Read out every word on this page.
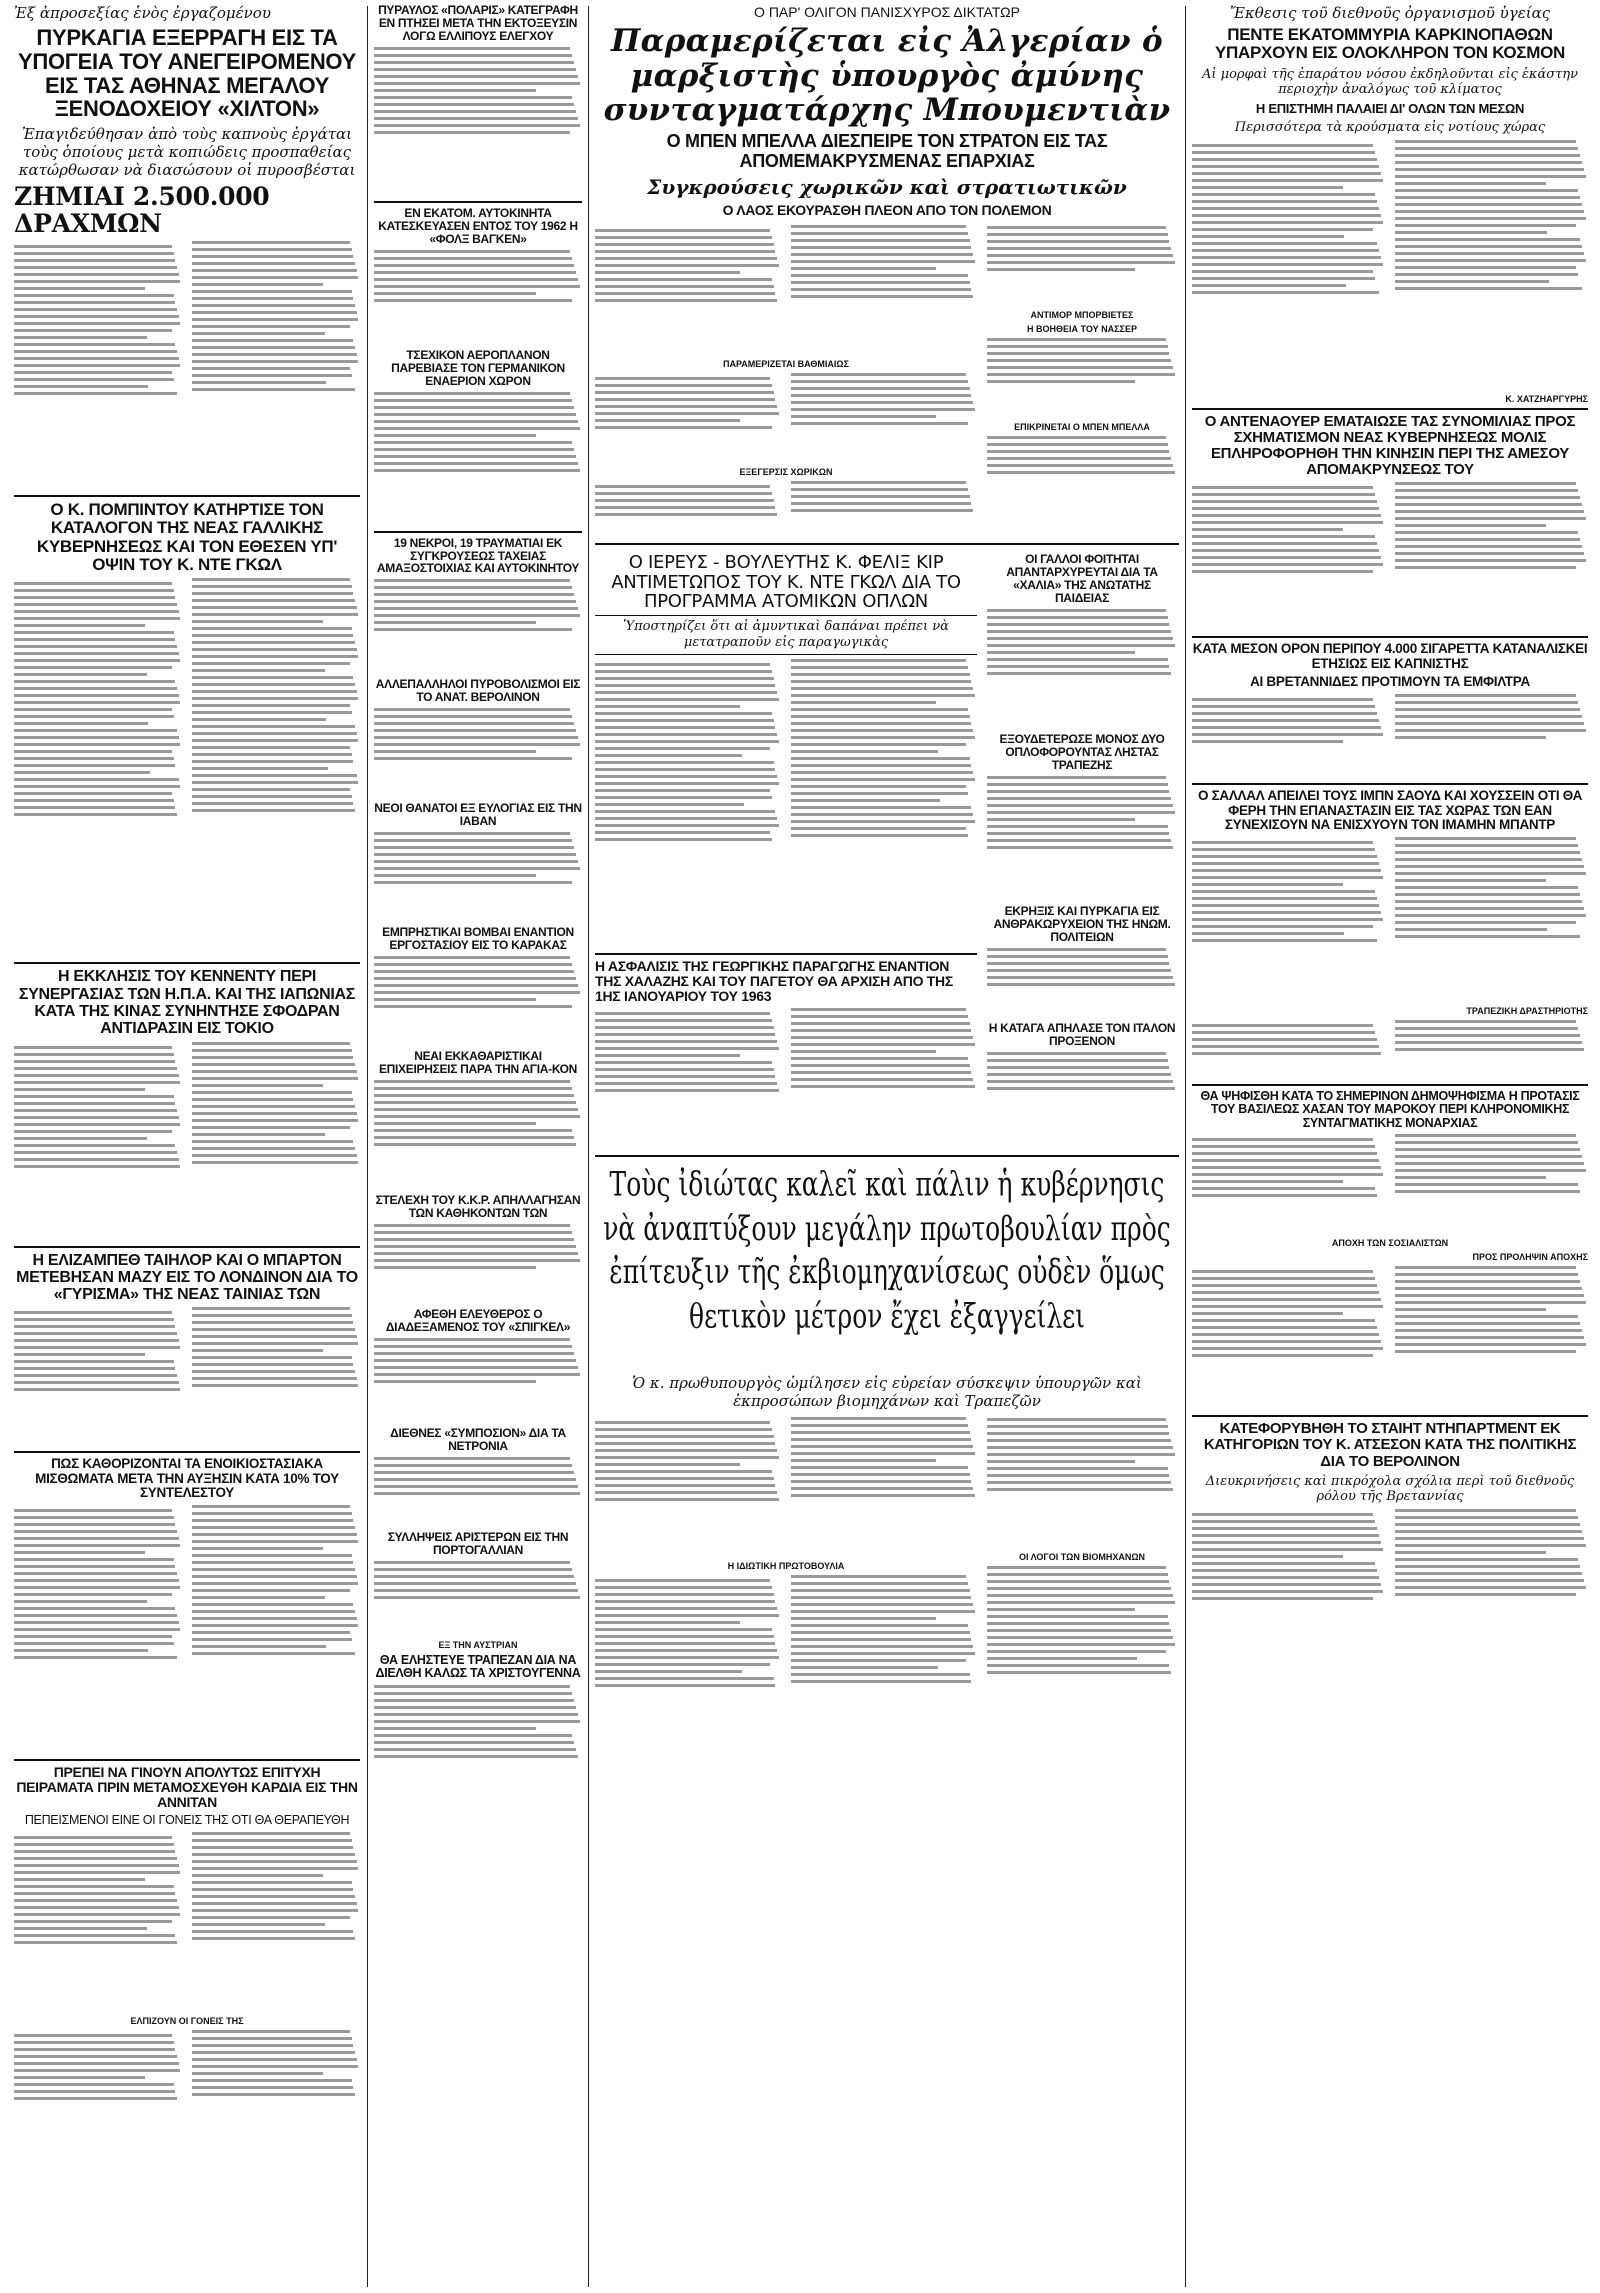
Ἐξ ἀπροσεξίας ἑνὸς ἐργαζομένου
ΠΥΡΚΑΓΙΑ ΕΞΕΡΡΑΓΗ ΕΙΣ ΤΑ ΥΠΟΓΕΙΑ ΤΟΥ ΑΝΕΓΕΙΡΟΜΕΝΟΥ ΕΙΣ ΤΑΣ ΑΘΗΝΑΣ ΜΕΓΑΛΟΥ ΞΕΝΟΔΟΧΕΙΟΥ «ΧΙΛΤΟΝ»
Ἐπαγιδεύθησαν ἀπὸ τοὺς καπνοὺς ἐργάται τοὺς ὁποίους μετὰ κοπιώδεις προσπαθείας κατώρθωσαν νὰ διασώσουν οἱ πυροσβέσται
ΖΗΜΙΑΙ 2.500.000 ΔΡΑΧΜΩΝ
Ο Κ. ΠΟΜΠΙΝΤΟΥ ΚΑΤΗΡΤΙΣΕ ΤΟΝ ΚΑΤΑΛΟΓΟΝ ΤΗΣ ΝΕΑΣ ΓΑΛΛΙΚΗΣ ΚΥΒΕΡΝΗΣΕΩΣ ΚΑΙ ΤΟΝ ΕΘΕΣΕΝ ΥΠ' ΟΨΙΝ ΤΟΥ Κ. ΝΤΕ ΓΚΩΛ
Η ΕΚΚΛΗΣΙΣ ΤΟΥ ΚΕΝΝΕΝΤΥ ΠΕΡΙ ΣΥΝΕΡΓΑΣΙΑΣ ΤΩΝ Η.Π.Α. ΚΑΙ ΤΗΣ ΙΑΠΩΝΙΑΣ ΚΑΤΑ ΤΗΣ ΚΙΝΑΣ ΣΥΝΗΝΤΗΣΕ ΣΦΟΔΡΑΝ ΑΝΤΙΔΡΑΣΙΝ ΕΙΣ ΤΟΚΙΟ
Η ΕΛΙΖΑΜΠΕΘ ΤΑΙΗΛΟΡ ΚΑΙ Ο ΜΠΑΡΤΟΝ ΜΕΤΕΒΗΣΑΝ ΜΑΖΥ ΕΙΣ ΤΟ ΛΟΝΔΙΝΟΝ ΔΙΑ ΤΟ «ΓΥΡΙΣΜΑ» ΤΗΣ ΝΕΑΣ ΤΑΙΝΙΑΣ ΤΩΝ
ΠΩΣ ΚΑΘΟΡΙΖΟΝΤΑΙ ΤΑ ΕΝΟΙΚΙΟΣΤΑΣΙΑΚΑ ΜΙΣΘΩΜΑΤΑ ΜΕΤΑ ΤΗΝ ΑΥΞΗΣΙΝ ΚΑΤΑ 10% ΤΟΥ ΣΥΝΤΕΛΕΣΤΟΥ
ΠΡΕΠΕΙ ΝΑ ΓΙΝΟΥΝ ΑΠΟΛΥΤΩΣ ΕΠΙΤΥΧΗ ΠΕΙΡΑΜΑΤΑ ΠΡΙΝ ΜΕΤΑΜΟΣΧΕΥΘΗ ΚΑΡΔΙΑ ΕΙΣ ΤΗΝ ΑΝΝΙΤΑΝ
ΠΕΠΕΙΣΜΕΝΟΙ ΕΙΝΕ ΟΙ ΓΟΝΕΙΣ ΤΗΣ ΟΤΙ ΘΑ ΘΕΡΑΠΕΥΘΗ
ΕΛΠΙΖΟΥΝ ΟΙ ΓΟΝΕΙΣ ΤΗΣ
ΠΥΡΑΥΛΟΣ «ΠΟΛΑΡΙΣ» ΚΑΤΕΓΡΑΦΗ ΕΝ ΠΤΗΣΕΙ ΜΕΤΑ ΤΗΝ ΕΚΤΟΞΕΥΣΙΝ ΛΟΓΩ ΕΛΛΙΠΟΥΣ ΕΛΕΓΧΟΥ
ΕΝ ΕΚΑΤΟΜ. ΑΥΤΟΚΙΝΗΤΑ ΚΑΤΕΣΚΕΥΑΣΕΝ ΕΝΤΟΣ ΤΟΥ 1962 Η «ΦΟΛΞ ΒΑΓΚΕΝ»
ΤΣΕΧΙΚΟΝ ΑΕΡΟΠΛΑΝΟΝ ΠΑΡΕΒΙΑΣΕ ΤΟΝ ΓΕΡΜΑΝΙΚΟΝ ΕΝΑΕΡΙΟΝ ΧΩΡΟΝ
19 ΝΕΚΡΟΙ, 19 ΤΡΑΥΜΑΤΙΑΙ ΕΚ ΣΥΓΚΡΟΥΣΕΩΣ ΤΑΧΕΙΑΣ ΑΜΑΞΟΣΤΟΙΧΙΑΣ ΚΑΙ ΑΥΤΟΚΙΝΗΤΟΥ
ΑΛΛΕΠΑΛΛΗΛΟΙ ΠΥΡΟΒΟΛΙΣΜΟΙ ΕΙΣ ΤΟ ΑΝΑΤ. ΒΕΡΟΛΙΝΟΝ
ΝΕΟΙ ΘΑΝΑΤΟΙ ΕΞ ΕΥΛΟΓΙΑΣ ΕΙΣ ΤΗΝ ΙΑΒΑΝ
ΕΜΠΡΗΣΤΙΚΑΙ ΒΟΜΒΑΙ ΕΝΑΝΤΙΟΝ ΕΡΓΟΣΤΑΣΙΟΥ ΕΙΣ ΤΟ ΚΑΡΑΚΑΣ
ΝΕΑΙ ΕΚΚΑΘΑΡΙΣΤΙΚΑΙ ΕΠΙΧΕΙΡΗΣΕΙΣ ΠΑΡΑ ΤΗΝ ΑΓΙΑ-ΚΟΝ
ΣΤΕΛΕΧΗ ΤΟΥ Κ.Κ.Ρ. ΑΠΗΛΛΑΓΗΣΑΝ ΤΩΝ ΚΑΘΗΚΟΝΤΩΝ ΤΩΝ
ΑΦΕΘΗ ΕΛΕΥΘΕΡΟΣ Ο ΔΙΑΔΕΞΑΜΕΝΟΣ ΤΟΥ «ΣΠΙΓΚΕΛ»
ΔΙΕΘΝΕΣ «ΣΥΜΠΟΣΙΟΝ» ΔΙΑ ΤΑ ΝΕΤΡΟΝΙΑ
ΣΥΛΛΗΨΕΙΣ ΑΡΙΣΤΕΡΩΝ ΕΙΣ ΤΗΝ ΠΟΡΤΟΓΑΛΛΙΑΝ
ΕΞ ΤΗΝ ΑΥΣΤΡΙΑΝ
ΘΑ ΕΛΗΣΤΕΥΕ ΤΡΑΠΕΖΑΝ ΔΙΑ ΝΑ ΔΙΕΛΘΗ ΚΑΛΩΣ ΤΑ ΧΡΙΣΤΟΥΓΕΝΝΑ
Ο ΠΑΡ' ΟΛΙΓΟΝ ΠΑΝΙΣΧΥΡΟΣ ΔΙΚΤΑΤΩΡ
Παραμερίζεται εἰς Ἀλγερίαν ὁ μαρξιστὴς ὑπουργὸς ἀμύνης συνταγματάρχης Μπουμεντιὰν
Ο ΜΠΕΝ ΜΠΕΛΛΑ ΔΙΕΣΠΕΙΡΕ ΤΟΝ ΣΤΡΑΤΟΝ ΕΙΣ ΤΑΣ ΑΠΟΜΕΜΑΚΡΥΣΜΕΝΑΣ ΕΠΑΡΧΙΑΣ
Συγκρούσεις χωρικῶν καὶ στρατιωτικῶν
Ο ΛΑΟΣ ΕΚΟΥΡΑΣΘΗ ΠΛΕΟΝ ΑΠΟ ΤΟΝ ΠΟΛΕΜΟΝ
ΠΑΡΑΜΕΡΙΖΕΤΑΙ ΒΑΘΜΙΑΙΩΣ
ΕΞΕΓΕΡΣΙΣ ΧΩΡΙΚΩΝ
ΑΝΤΙΜΟΡ ΜΠΟΡΒΙΕΤΕΣ
Η ΒΟΗΘΕΙΑ ΤΟΥ ΝΑΣΣΕΡ
ΕΠΙΚΡΙΝΕΤΑΙ Ο ΜΠΕΝ ΜΠΕΛΛΑ
Ο ΙΕΡΕΥΣ - ΒΟΥΛΕΥΤΗΣ Κ. ΦΕΛΙΞ ΚΙΡ ΑΝΤΙΜΕΤΩΠΟΣ ΤΟΥ Κ. ΝΤΕ ΓΚΩΛ ΔΙΑ ΤΟ ΠΡΟΓΡΑΜΜΑ ΑΤΟΜΙΚΩΝ ΟΠΛΩΝ
Ὑποστηρίζει ὅτι αἱ ἀμυντικαὶ δαπάναι πρέπει νὰ μετατραποῦν εἰς παραγωγικὰς
Η ΑΣΦΑΛΙΣΙΣ ΤΗΣ ΓΕΩΡΓΙΚΗΣ ΠΑΡΑΓΩΓΗΣ ΕΝΑΝΤΙΟΝ ΤΗΣ ΧΑΛΑΖΗΣ ΚΑΙ ΤΟΥ ΠΑΓΕΤΟΥ ΘΑ ΑΡΧΙΣΗ ΑΠΟ ΤΗΣ 1ΗΣ ΙΑΝΟΥΑΡΙΟΥ ΤΟΥ 1963
ΟΙ ΓΑΛΛΟΙ ΦΟΙΤΗΤΑΙ ΑΠΑΝΤΑΡΧΥΡΕΥΤΑΙ ΔΙΑ ΤΑ «ΧΑΛΙΑ» ΤΗΣ ΑΝΩΤΑΤΗΣ ΠΑΙΔΕΙΑΣ
ΕΞΟΥΔΕΤΕΡΩΣΕ ΜΟΝΟΣ ΔΥΟ ΟΠΛΟΦΟΡΟΥΝΤΑΣ ΛΗΣΤΑΣ ΤΡΑΠΕΖΗΣ
ΕΚΡΗΞΙΣ ΚΑΙ ΠΥΡΚΑΓΙΑ ΕΙΣ ΑΝΘΡΑΚΩΡΥΧΕΙΟΝ ΤΗΣ ΗΝΩΜ. ΠΟΛΙΤΕΙΩΝ
Η ΚΑΤΑΓΑ ΑΠΗΛΑΣΕ ΤΟΝ ΙΤΑΛΟΝ ΠΡΟΞΕΝΟΝ
Τοὺς ἰδιώτας καλεῖ καὶ πάλιν ἡ κυβέρνησις νὰ ἀναπτύξουν μεγάλην πρωτοβουλίαν πρὸς ἐπίτευξιν τῆς ἐκβιομηχανίσεως οὐδὲν ὅμως θετικὸν μέτρον ἔχει ἐξαγγείλει
Ὁ κ. πρωθυπουργὸς ὡμίλησεν εἰς εὐρείαν σύσκεψιν ὑπουργῶν καὶ ἐκπροσώπων βιομηχάνων καὶ Τραπεζῶν
Η ΙΔΙΩΤΙΚΗ ΠΡΩΤΟΒΟΥΛΙΑ
ΟΙ ΛΟΓΟΙ ΤΩΝ ΒΙΟΜΗΧΑΝΩΝ
Ἔκθεσις τοῦ διεθνοῦς ὀργανισμοῦ ὑγείας
ΠΕΝΤΕ ΕΚΑΤΟΜΜΥΡΙΑ ΚΑΡΚΙΝΟΠΑΘΩΝ ΥΠΑΡΧΟΥΝ ΕΙΣ ΟΛΟΚΛΗΡΟΝ ΤΟΝ ΚΟΣΜΟΝ
Αἱ μορφαὶ τῆς ἐπαράτου νόσου ἐκδηλοῦνται εἰς ἑκάστην περιοχὴν ἀναλόγως τοῦ κλίματος
Η ΕΠΙΣΤΗΜΗ ΠΑΛΑΙΕΙ ΔΙ' ΟΛΩΝ ΤΩΝ ΜΕΣΩΝ
Περισσότερα τὰ κρούσματα εἰς νοτίους χώρας
Κ. ΧΑΤΖΗΑΡΓΥΡΗΣ
Ο ΑΝΤΕΝΑΟΥΕΡ ΕΜΑΤΑΙΩΣΕ ΤΑΣ ΣΥΝΟΜΙΛΙΑΣ ΠΡΟΣ ΣΧΗΜΑΤΙΣΜΟΝ ΝΕΑΣ ΚΥΒΕΡΝΗΣΕΩΣ ΜΟΛΙΣ ΕΠΛΗΡΟΦΟΡΗΘΗ ΤΗΝ ΚΙΝΗΣΙΝ ΠΕΡΙ ΤΗΣ ΑΜΕΣΟΥ ΑΠΟΜΑΚΡΥΝΣΕΩΣ ΤΟΥ
ΚΑΤΑ ΜΕΣΟΝ ΟΡΟΝ ΠΕΡΙΠΟΥ 4.000 ΣΙΓΑΡΕΤΤΑ ΚΑΤΑΝΑΛΙΣΚΕΙ ΕΤΗΣΙΩΣ ΕΙΣ ΚΑΠΝΙΣΤΗΣ
ΑΙ ΒΡΕΤΑΝΝΙΔΕΣ ΠΡΟΤΙΜΟΥΝ ΤΑ ΕΜΦΙΛΤΡΑ
Ο ΣΑΛΛΑΛ ΑΠΕΙΛΕΙ ΤΟΥΣ ΙΜΠΝ ΣΑΟΥΔ ΚΑΙ ΧΟΥΣΣΕΙΝ ΟΤΙ ΘΑ ΦΕΡΗ ΤΗΝ ΕΠΑΝΑΣΤΑΣΙΝ ΕΙΣ ΤΑΣ ΧΩΡΑΣ ΤΩΝ ΕΑΝ ΣΥΝΕΧΙΣΟΥΝ ΝΑ ΕΝΙΣΧΥΟΥΝ ΤΟΝ ΙΜΑΜΗΝ ΜΠΑΝΤΡ
ΤΡΑΠΕΖΙΚΗ ΔΡΑΣΤΗΡΙΟΤΗΣ
ΘΑ ΨΗΦΙΣΘΗ ΚΑΤΑ ΤΟ ΣΗΜΕΡΙΝΟΝ ΔΗΜΟΨΗΦΙΣΜΑ Η ΠΡΟΤΑΣΙΣ ΤΟΥ ΒΑΣΙΛΕΩΣ ΧΑΣΑΝ ΤΟΥ ΜΑΡΟΚΟΥ ΠΕΡΙ ΚΛΗΡΟΝΟΜΙΚΗΣ ΣΥΝΤΑΓΜΑΤΙΚΗΣ ΜΟΝΑΡΧΙΑΣ
ΑΠΟΧΗ ΤΩΝ ΣΟΣΙΑΛΙΣΤΩΝ
ΠΡΟΣ ΠΡΟΛΗΨΙΝ ΑΠΟΧΗΣ
ΚΑΤΕΦΟΡΥΒΗΘΗ ΤΟ ΣΤΑΙΗΤ ΝΤΗΠΑΡΤΜΕΝΤ ΕΚ ΚΑΤΗΓΟΡΙΩΝ ΤΟΥ Κ. ΑΤΣΕΣΟΝ ΚΑΤΑ ΤΗΣ ΠΟΛΙΤΙΚΗΣ ΔΙΑ ΤΟ ΒΕΡΟΛΙΝΟΝ
Διευκρινήσεις καὶ πικρόχολα σχόλια περὶ τοῦ διεθνοῦς ρόλου τῆς Βρεταννίας
